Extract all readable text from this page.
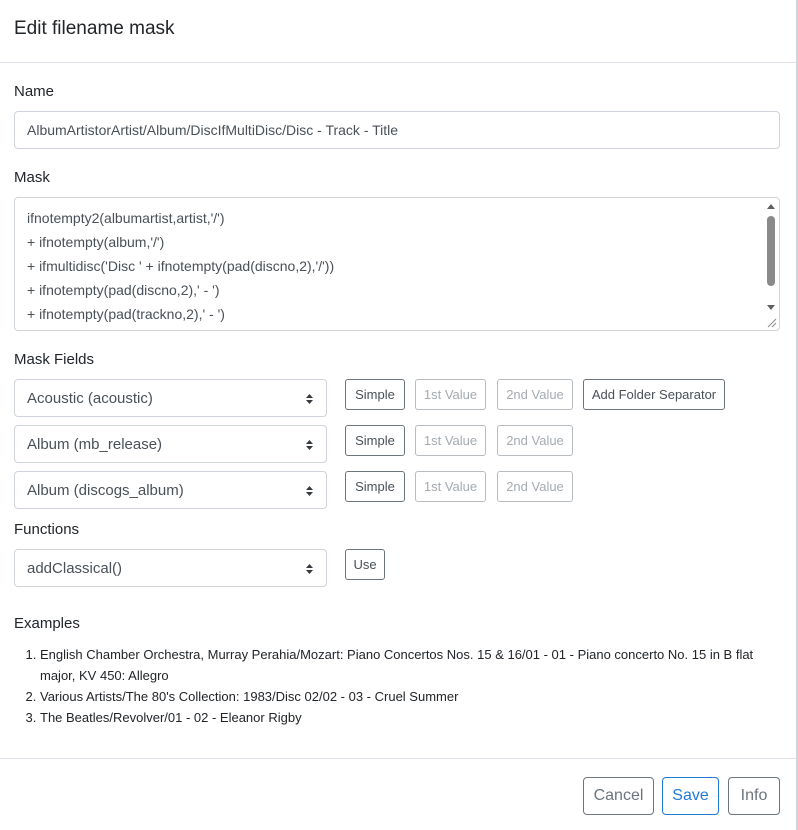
Edit filename mask
Name
AlbumArtistorArtist/Album/DiscIfMultiDisc/Disc - Track - Title
Mask
ifnotempty2(albumartist,artist,'/')
+ ifnotempty(album,'/')
+ ifmultidisc('Disc ' + ifnotempty(pad(discno,2),'/'))
+ ifnotempty(pad(discno,2),' - ')
+ ifnotempty(pad(trackno,2),' - ')
Mask Fields
Acoustic (acoustic)	Simple	1st Value	2nd Value	Add Folder Separator
Album (mb_release)	Simple	1st Value	2nd Value
Album (discogs_album)	Simple	1st Value	2nd Value
Functions
addClassical()	Use
Examples
1. English Chamber Orchestra, Murray Perahia/Mozart: Piano Concertos Nos. 15 & 16/01 - 01 - Piano concerto No. 15 in B flat major, KV 450: Allegro
2. Various Artists/The 80's Collection: 1983/Disc 02/02 - 03 - Cruel Summer
3. The Beatles/Revolver/01 - 02 - Eleanor Rigby
Cancel	Save	Info
